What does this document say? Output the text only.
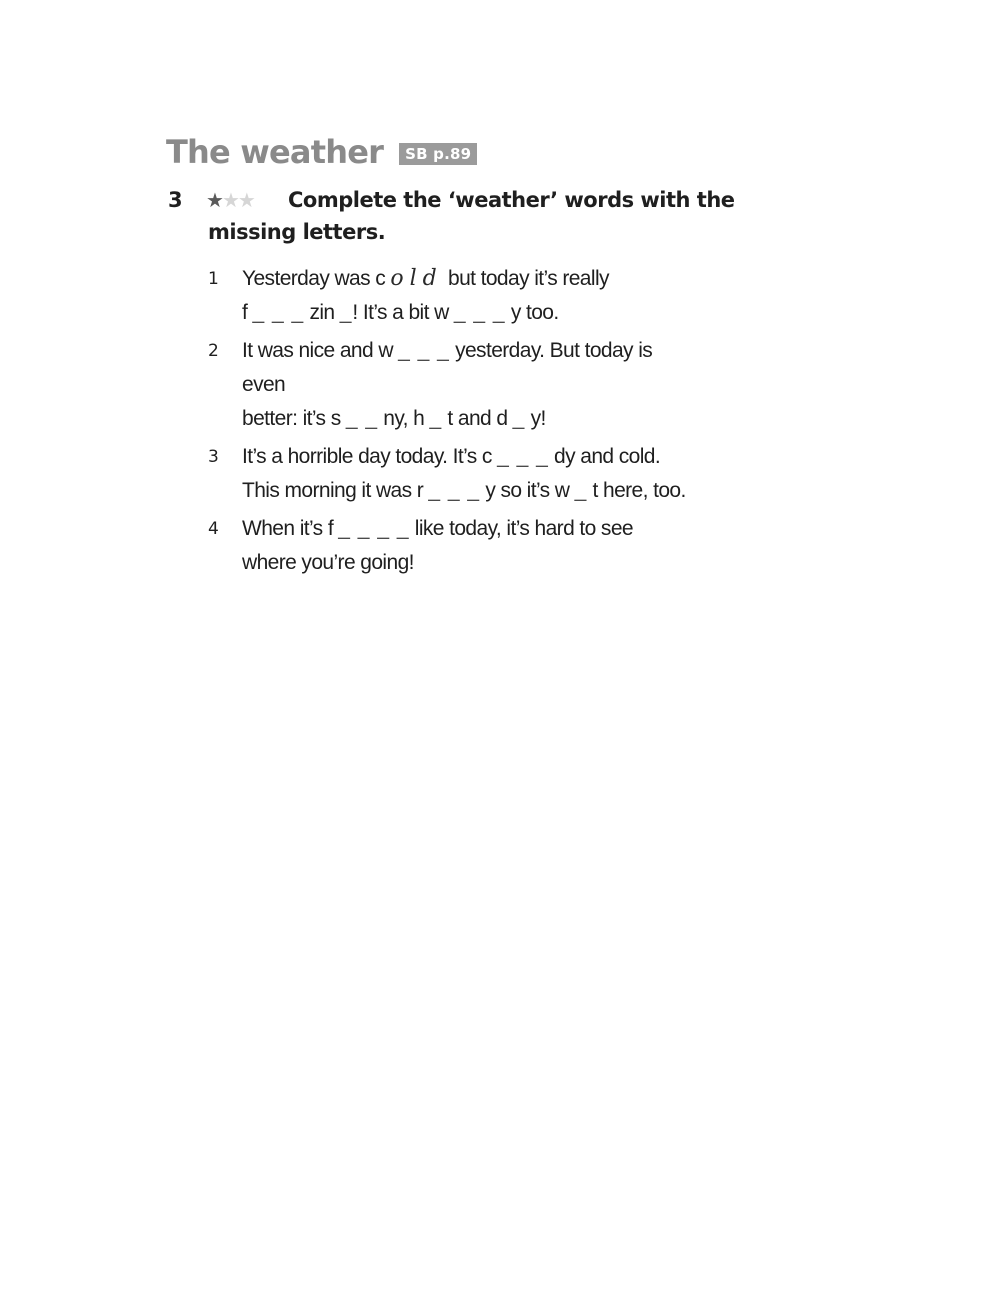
The weather	SB p.89
3 ★★★	Complete the ‘weather’ words with the missing letters.
1 Yesterday was c old but today it’s really
f _ _ _ zin _! It’s a bit w _ _ _ y too.
2 It was nice and w _ _ _ yesterday. But today is
even
better: it’s s _ _ ny, h _ t and d _ y!
3 It’s a horrible day today. It’s c _ _ _ dy and cold.
This morning it was r _ _ _ y so it’s w _ t here, too.
4 When it’s f _ _ _ _ like today, it’s hard to see
where you’re going!
